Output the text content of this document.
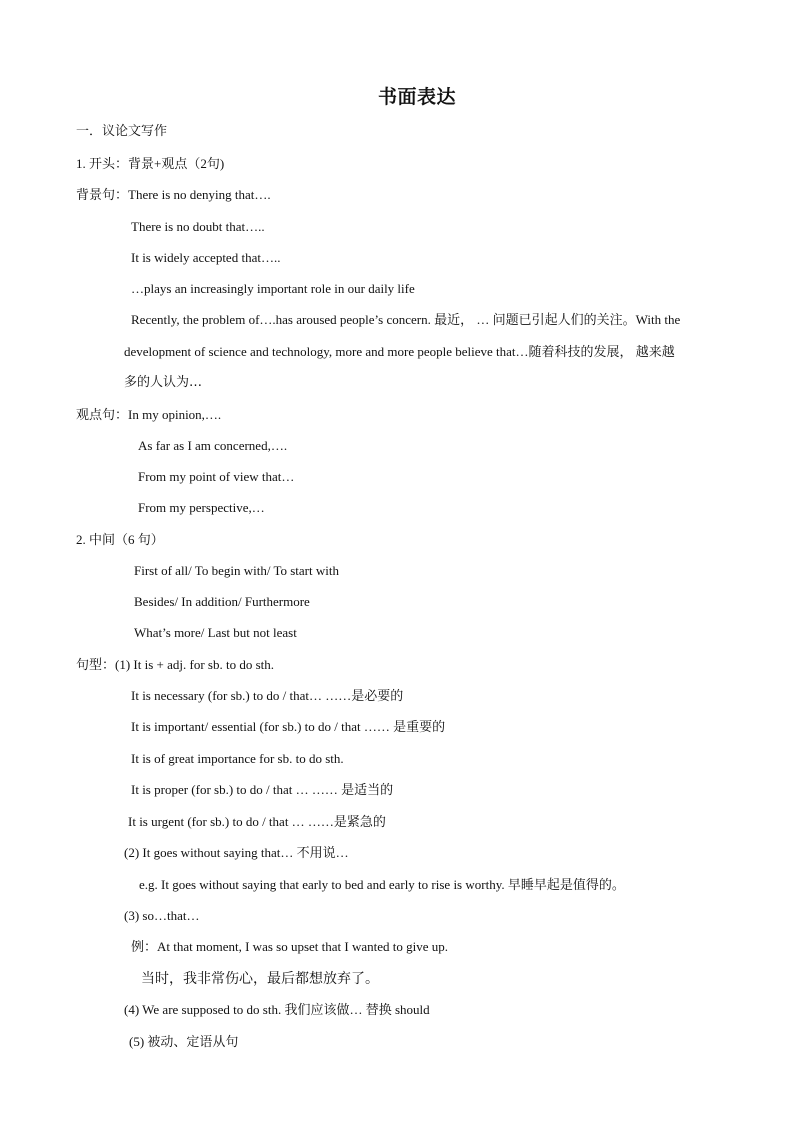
书面表达
一．议论文写作
1. 开头：背景+观点（2句)
背景句：There is no denying that….
There is no doubt that…..
It is widely accepted that…..
…plays an increasingly important role in our daily life
Recently, the problem of….has aroused people’s concern. 最近， … 问题已引起人们的关注。With the
development of science and technology, more and more people believe that…随着科技的发展， 越来越
多的人认为…
观点句：In my opinion,….
As far as I am concerned,….
From my point of view that…
From my perspective,…
2. 中间（6 句）
First of all/ To begin with/ To start with
Besides/ In addition/ Furthermore
What’s more/ Last but not least
句型：(1) It is + adj. for sb. to do sth.
It is necessary (for sb.) to do / that… ……是必要的
It is important/ essential (for sb.) to do / that …… 是重要的
It is of great importance for sb. to do sth.
It is proper (for sb.) to do / that … …… 是适当的
It is urgent (for sb.) to do / that … ……是紧急的
(2) It goes without saying that… 不用说…
e.g. It goes without saying that early to bed and early to rise is worthy. 早睡早起是值得的。
(3) so…that…
例：At that moment, I was so upset that I wanted to give up.
当时，我非常伤心，最后都想放弃了。
(4) We are supposed to do sth. 我们应该做… 替换 should
(5) 被动、定语从句
